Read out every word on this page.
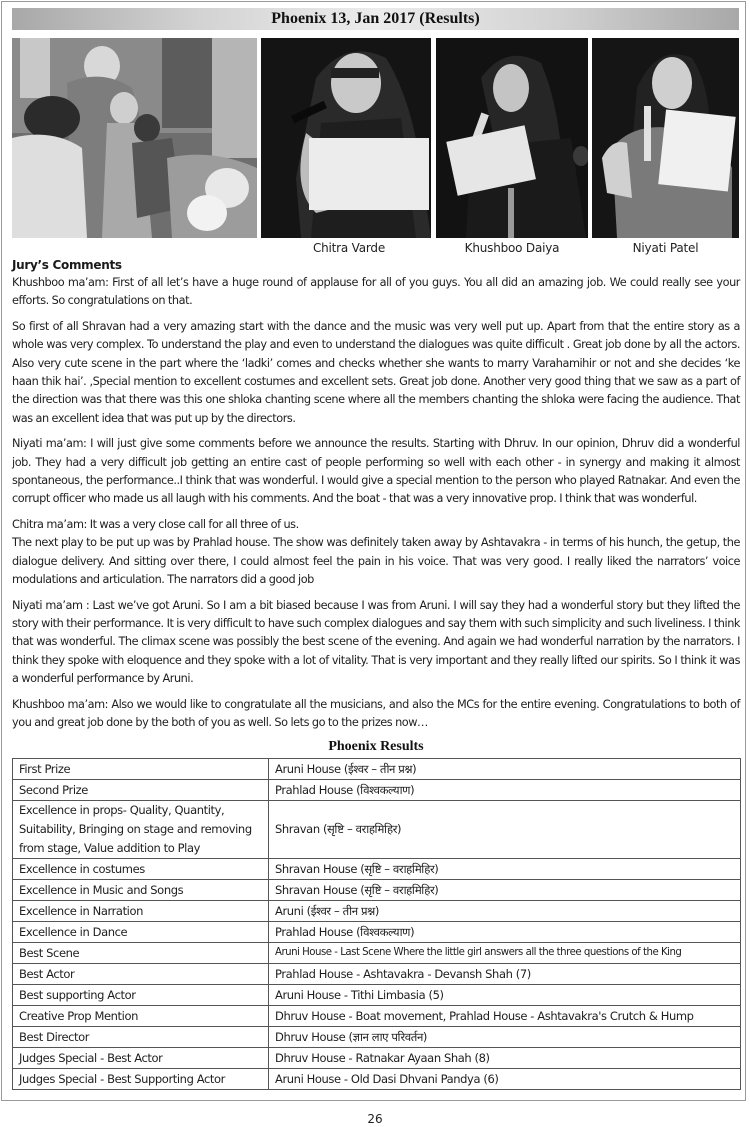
Phoenix 13, Jan 2017 (Results)
Chitra Varde	Khushboo Daiya	Niyati Patel
Jury’s Comments

Khushboo ma’am: First of all let’s have a huge round of applause for all of you guys. You all did an amazing job. We could really see your efforts. So congratulations on that.

So first of all Shravan had a very amazing start with the dance and the music was very well put up. Apart from that the entire story as a whole was very complex. To understand the play and even to understand the dialogues was quite difficult . Great job done by all the actors. Also very cute scene in the part where the ‘ladki’ comes and checks whether she wants to marry Varahamihir or not and she decides ‘ke haan thik hai’. ,Special mention to excellent costumes and excellent sets. Great job done. Another very good thing that we saw as a part of the direction was that there was this one shloka chanting scene where all the members chanting the shloka were facing the audience. That was an excellent idea that was put up by the directors.

Niyati ma’am: I will just give some comments before we announce the results. Starting with Dhruv. In our opinion, Dhruv did a wonderful job. They had a very difficult job getting an entire cast of people performing so well with each other - in synergy and making it almost spontaneous, the performance..I think that was wonderful. I would give a special mention to the person who played Ratnakar. And even the corrupt officer who made us all laugh with his comments. And the boat - that was a very innovative prop. I think that was wonderful.

Chitra ma’am: It was a very close call for all three of us.

The next play to be put up was by Prahlad house. The show was definitely taken away by Ashtavakra - in terms of his hunch, the getup, the dialogue delivery. And sitting over there, I could almost feel the pain in his voice. That was very good. I really liked the narrators’ voice modulations and articulation. The narrators did a good job

Niyati ma’am : Last we’ve got Aruni. So I am a bit biased because I was from Aruni. I will say they had a wonderful story but they lifted the story with their performance. It is very difficult to have such complex dialogues and say them with such simplicity and such liveliness. I think that was wonderful. The climax scene was possibly the best scene of the evening. And again we had wonderful narration by the narrators. I think they spoke with eloquence and they spoke with a lot of vitality. That is very important and they really lifted our spirits. So I think it was a wonderful performance by Aruni.

Khushboo ma’am: Also we would like to congratulate all the musicians, and also the MCs for the entire evening. Congratulations to both of you and great job done by the both of you as well. So lets go to the prizes now…

Phoenix Results
First Prize	Aruni House (ईश्वर – तीन प्रश्न)
Second Prize	Prahlad House (विश्वकल्याण)
Excellence in props- Quality, Quantity, Suitability, Bringing on stage and removing from stage, Value addition to Play	Shravan (सृष्टि – वराहमिहिर)
Excellence in costumes	Shravan House (सृष्टि – वराहमिहिर)
Excellence in Music and Songs	Shravan House (सृष्टि – वराहमिहिर)
Excellence in Narration	Aruni (ईश्वर – तीन प्रश्न)
Excellence in Dance	Prahlad House (विश्वकल्याण)
Best Scene	Aruni House - Last Scene Where the little girl answers all the three questions of the King
Best Actor	Prahlad House - Ashtavakra - Devansh Shah (7)
Best supporting Actor	Aruni House - Tithi Limbasia (5)
Creative Prop Mention	Dhruv House - Boat movement, Prahlad House - Ashtavakra's Crutch & Hump
Best Director	Dhruv House (ज्ञान लाए परिवर्तन)
Judges Special - Best Actor	Dhruv House - Ratnakar Ayaan Shah (8)
Judges Special - Best Supporting Actor	Aruni House - Old Dasi Dhvani Pandya (6)
26
